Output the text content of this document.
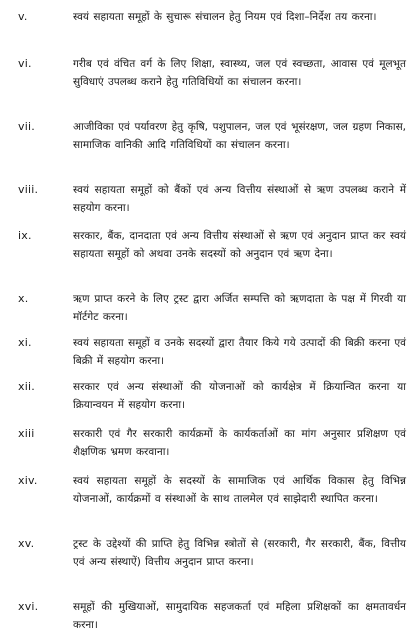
v.	स्वयं सहायता समूहों के सुचारू संचालन हेतु नियम एवं दिशा–निर्देश तय करना।
vi.	गरीब एवं वंचित वर्ग के लिए शिक्षा, स्वास्थ्य, जल एवं स्वच्छता, आवास एवं मूलभूत सुविधाएं उपलब्ध कराने हेतु गतिविधियों का संचालन करना।
vii.	आजीविका एवं पर्यावरण हेतु कृषि, पशुपालन, जल एवं भूसंरक्षण, जल ग्रहण निकास, सामाजिक वानिकी आदि गतिविधियों का संचालन करना।
viii.	स्वयं सहायता समूहों को बैंकों एवं अन्य वित्तीय संस्थाओं से ऋण उपलब्ध कराने में सहयोग करना।
ix.	सरकार, बैंक, दानदाता एवं अन्य वित्तीय संस्थाओं से ऋण एवं अनुदान प्राप्त कर स्वयं सहायता समूहों को अथवा उनके सदस्यों को अनुदान एवं ऋण देना।
x.	ऋण प्राप्त करने के लिए ट्रस्ट द्वारा अर्जित सम्पत्ति को ऋणदाता के पक्ष में गिरवी या मॉर्टगेट करना।
xi.	स्वयं सहायता समूहों व उनके सदस्यों द्वारा तैयार किये गये उत्पादों की बिक्री करना एवं बिक्री में सहयोग करना।
xii.	सरकार एवं अन्य संस्थाओं की योजनाओं को कार्यक्षेत्र में क्रियान्वित करना या क्रियान्वयन में सहयोग करना।
xiii	सरकारी एवं गैर सरकारी कार्यक्रमों के कार्यकर्ताओं का मांग अनुसार प्रशिक्षण एवं शैक्षणिक भ्रमण करवाना।
xiv.	स्वयं सहायता समूहों के सदस्यों के सामाजिक एवं आर्थिक विकास हेतु विभिन्न योजनाओं, कार्यक्रमों व संस्थाओं के साथ तालमेल एवं साझेदारी स्थापित करना।
xv.	ट्रस्ट के उद्देश्यों की प्राप्ति हेतु विभिन्न स्त्रोतों से (सरकारी, गैर सरकारी, बैंक, वित्तीय एवं अन्य संस्थाऐं) वित्तीय अनुदान प्राप्त करना।
xvi.	समूहों की मुखियाओं, सामुदायिक सहजकर्ता एवं महिला प्रशिक्षकों का क्षमतावर्धन करना।
